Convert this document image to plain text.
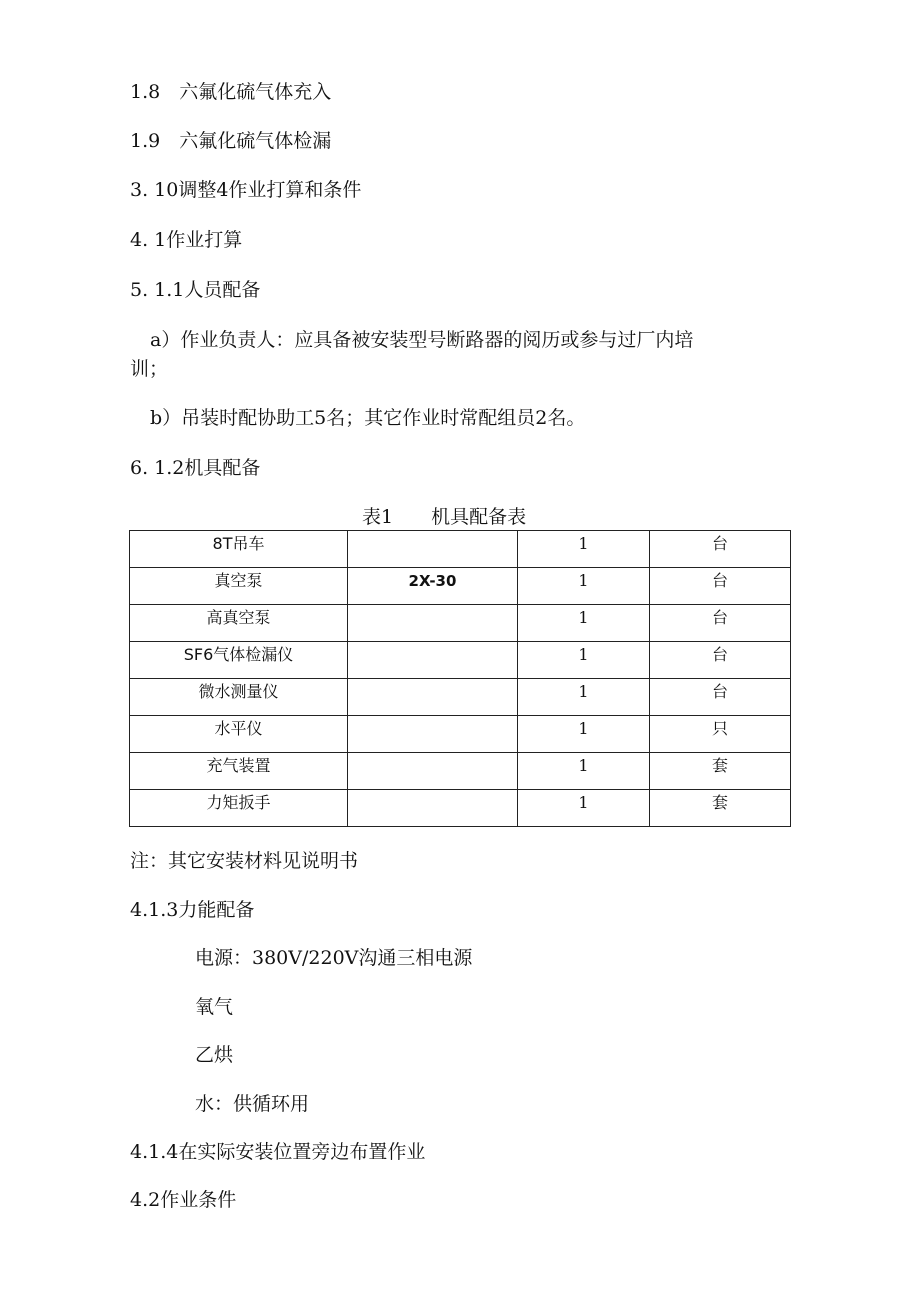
1.8　六氟化硫气体充入
1.9　六氟化硫气体检漏
3. 10调整4作业打算和条件
4. 1作业打算
5. 1.1人员配备
a）作业负责人：应具备被安装型号断路器的阅历或参与过厂内培
训；
b）吊装时配协助工5名；其它作业时常配组员2名。
6. 1.2机具配备
表1　　机具配备表
8T吊车		1	台
真空泵	2X-30	1	台
高真空泵		1	台
SF6气体检漏仪		1	台
微水测量仪		1	台
水平仪		1	只
充气装置		1	套
力矩扳手		1	套
注：其它安装材料见说明书
4.1.3力能配备
电源：380V/220V沟通三相电源
氧气
乙烘
水：供循环用
4.1.4在实际安装位置旁边布置作业
4.2作业条件
